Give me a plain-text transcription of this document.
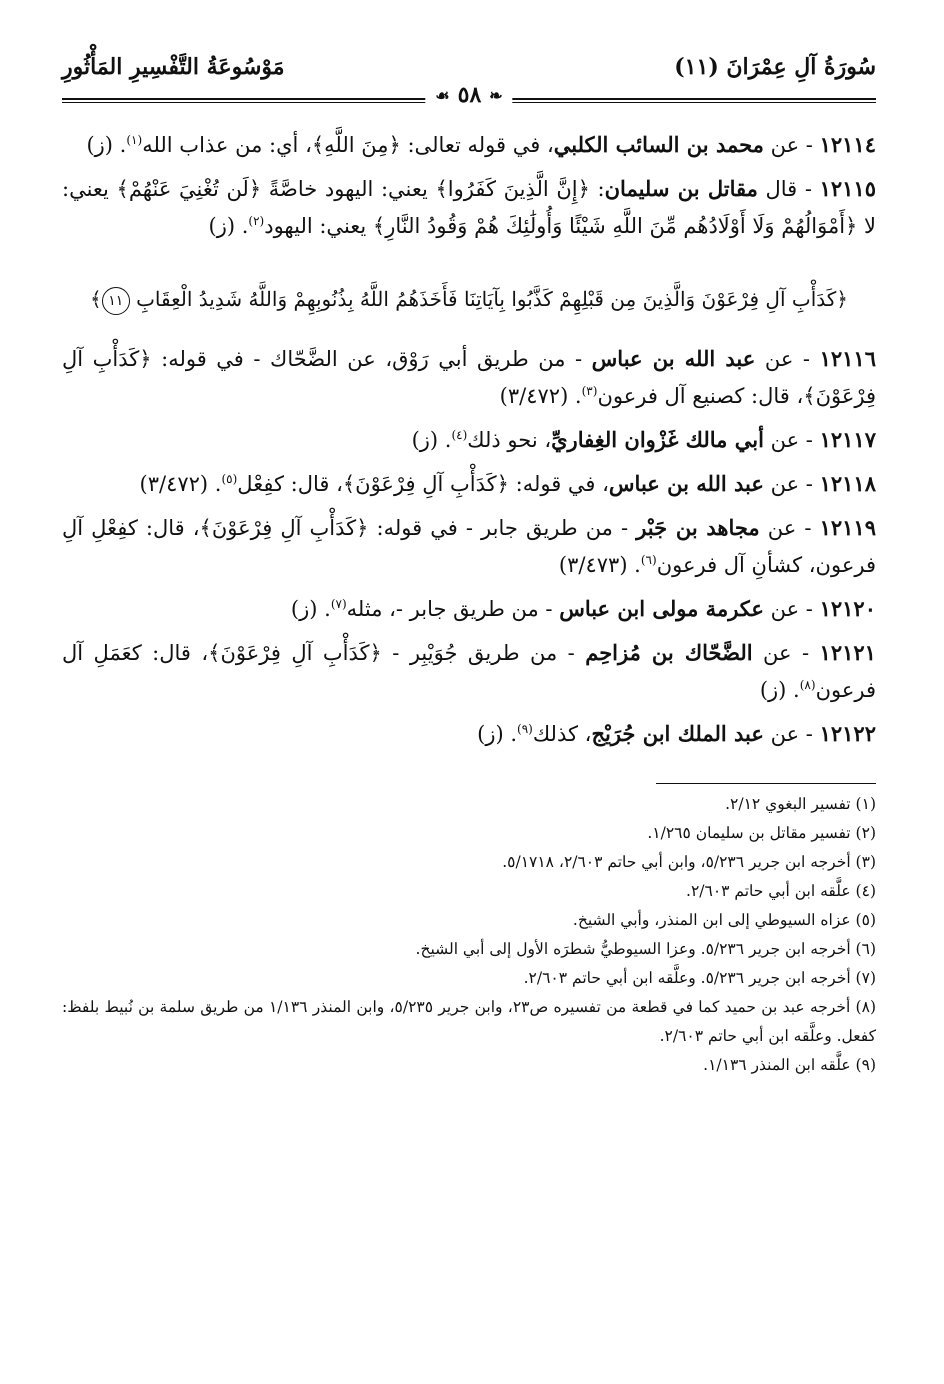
سُورَةُ آلِ عِمْرَانَ (١١)
مَوْسُوعَةُ التَّفْسِيرِ المَأْثُورِ
❧
٥٨
☙

١٢١١٤ - عن محمد بن السائب الكلبي، في قوله تعالى: ﴿مِنَ اللَّهِ﴾، أي: من عذاب الله$^{(١)}$. (ز)

١٢١١٥ - قال مقاتل بن سليمان: ﴿إِنَّ الَّذِينَ كَفَرُوا﴾ يعني: اليهود خاصَّةً ﴿لَن تُغْنِيَ عَنْهُمْ﴾ يعني: لا ﴿أَمْوَالُهُمْ وَلَا أَوْلَادُهُم مِّنَ اللَّهِ شَيْئًا وَأُولَٰئِكَ هُمْ وَقُودُ النَّارِ﴾ يعني: اليهود$^{(٢)}$. (ز)

﴿كَدَأْبِ آلِ فِرْعَوْنَ وَالَّذِينَ مِن قَبْلِهِمْ كَذَّبُوا بِآيَاتِنَا فَأَخَذَهُمُ اللَّهُ بِذُنُوبِهِمْ وَاللَّهُ شَدِيدُ الْعِقَابِ ١١﴾

١٢١١٦ - عن عبد الله بن عباس - من طريق أبي رَوْق، عن الضَّحّاك - في قوله: ﴿كَدَأْبِ آلِ فِرْعَوْنَ﴾، قال: كصنيع آل فرعون$^{(٣)}$. (٣/٤٧٢)

١٢١١٧ - عن أبي مالك غَزْوان الغِفاريِّ، نحو ذلك$^{(٤)}$. (ز)

١٢١١٨ - عن عبد الله بن عباس، في قوله: ﴿كَدَأْبِ آلِ فِرْعَوْنَ﴾، قال: كفِعْل$^{(٥)}$. (٣/٤٧٢)

١٢١١٩ - عن مجاهد بن جَبْر - من طريق جابر - في قوله: ﴿كَدَأْبِ آلِ فِرْعَوْنَ﴾، قال: كفِعْلِ آلِ فرعون، كشأنِ آل فرعون$^{(٦)}$. (٣/٤٧٣)

١٢١٢٠ - عن عكرمة مولى ابن عباس - من طريق جابر -، مثله$^{(٧)}$. (ز)

١٢١٢١ - عن الضَّحّاك بن مُزاحِم - من طريق جُوَيْبِر - ﴿كَدَأْبِ آلِ فِرْعَوْنَ﴾، قال: كعَمَلِ آل فرعون$^{(٨)}$. (ز)

١٢١٢٢ - عن عبد الملك ابن جُرَيْج، كذلك$^{(٩)}$. (ز)

(١) تفسير البغوي ٢/١٢.

(٢) تفسير مقاتل بن سليمان ١/٢٦٥.

(٣) أخرجه ابن جرير ٥/٢٣٦، وابن أبي حاتم ٢/٦٠٣، ٥/١٧١٨.

(٤) علَّقه ابن أبي حاتم ٢/٦٠٣.

(٥) عزاه السيوطي إلى ابن المنذر، وأبي الشيخ.

(٦) أخرجه ابن جرير ٥/٢٣٦. وعزا السيوطيُّ شطرَه الأول إلى أبي الشيخ.

(٧) أخرجه ابن جرير ٥/٢٣٦. وعلَّقه ابن أبي حاتم ٢/٦٠٣.

(٨) أخرجه عبد بن حميد كما في قطعة من تفسيره ص٢٣، وابن جرير ٥/٢٣٥، وابن المنذر ١/١٣٦ من طريق سلمة بن نُبيط بلفظ: كفعل. وعلَّقه ابن أبي حاتم ٢/٦٠٣.

(٩) علَّقه ابن المنذر ١/١٣٦.
